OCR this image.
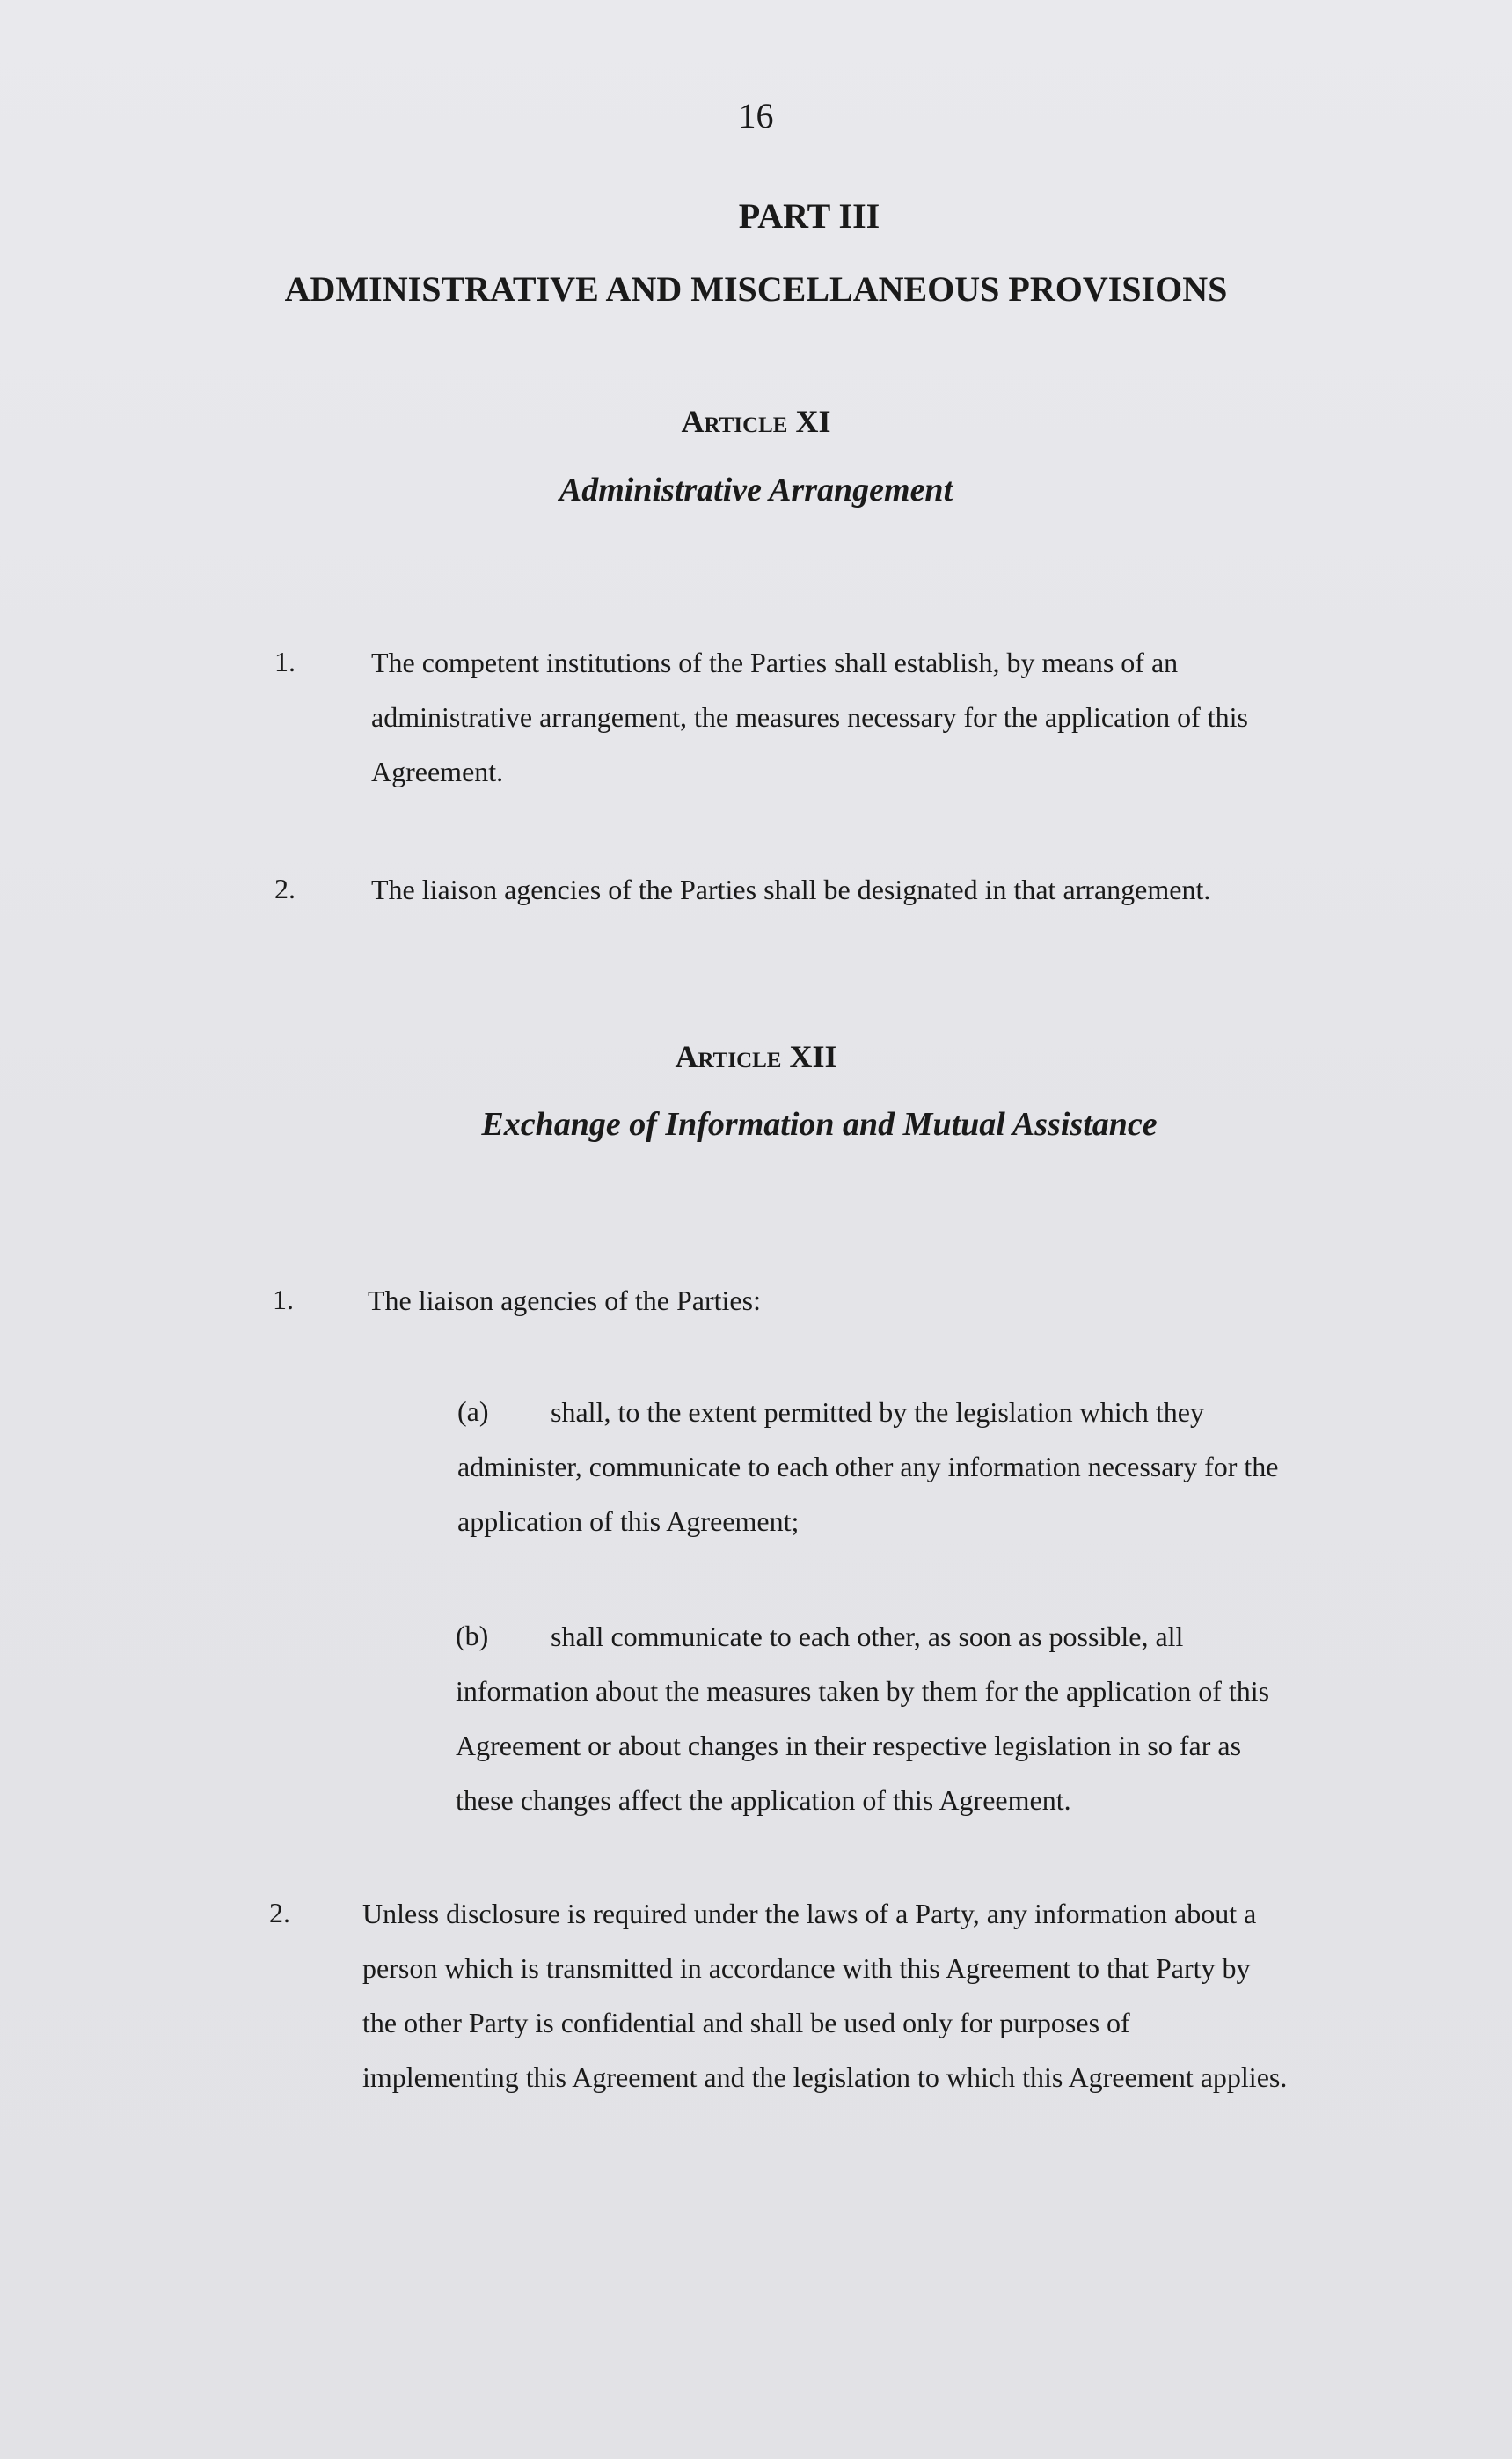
16
PART III
ADMINISTRATIVE AND MISCELLANEOUS PROVISIONS
Article XI
Administrative Arrangement
1.	The competent institutions of the Parties shall establish, by means of an
administrative arrangement, the measures necessary for the application of this
Agreement.
2.	The liaison agencies of the Parties shall be designated in that arrangement.
Article XII
Exchange of Information and Mutual Assistance
1.	The liaison agencies of the Parties:
(a)	shall, to the extent permitted by the legislation which they
administer, communicate to each other any information necessary for the
application of this Agreement;
(b)	shall communicate to each other, as soon as possible, all
information about the measures taken by them for the application of this
Agreement or about changes in their respective legislation in so far as
these changes affect the application of this Agreement.
2.	Unless disclosure is required under the laws of a Party, any information about a
person which is transmitted in accordance with this Agreement to that Party by
the other Party is confidential and shall be used only for purposes of
implementing this Agreement and the legislation to which this Agreement applies.
